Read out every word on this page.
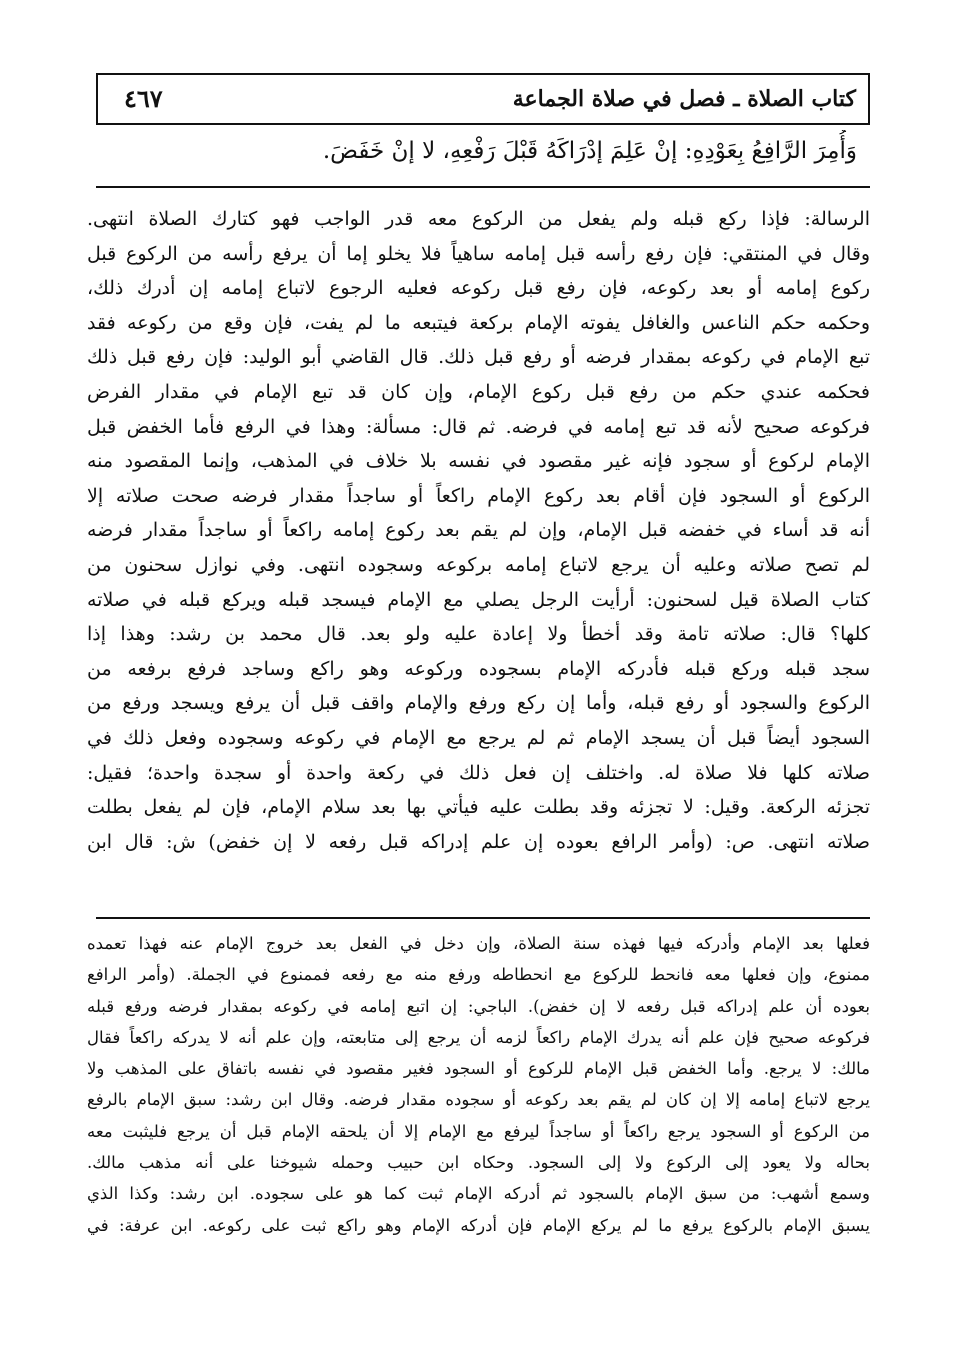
كتاب الصلاة ـ فصل في صلاة الجماعة
٤٦٧
وَأُمِرَ الرَّافِعُ بِعَوْدِهِ: إنْ عَلِمَ إدْرَاكَهُ قَبْلَ رَفْعِهِ، لا إنْ خَفَضَ.
الرسالة: فإذا ركع قبله ولم يفعل من الركوع معه قدر الواجب فهو كتارك الصلاة انتهى.
وقال في المنتقي: فإن رفع رأسه قبل إمامه ساهياً فلا يخلو إما أن يرفع رأسه من الركوع قبل
ركوع إمامه أو بعد ركوعه، فإن رفع قبل ركوعه فعليه الرجوع لاتباع إمامه إن أدرك ذلك،
وحكمه حكم الناعس والغافل يفوته الإمام بركعة فيتبعه ما لم يفت، فإن وقع من ركوعه فقد
تبع الإمام في ركوعه بمقدار فرضه أو رفع قبل ذلك. قال القاضي أبو الوليد: فإن رفع قبل ذلك
فحكمه عندي حكم من رفع قبل ركوع الإمام، وإن كان قد تبع الإمام في مقدار الفرض
فركوعه صحيح لأنه قد تبع إمامه في فرضه. ثم قال: مسألة: وهذا في الرفع فأما الخفض قبل
الإمام لركوع أو سجود فإنه غير مقصود في نفسه بلا خلاف في المذهب، وإنما المقصود منه
الركوع أو السجود فإن أقام بعد ركوع الإمام راكعاً أو ساجداً مقدار فرضه صحت صلاته إلا
أنه قد أساء في خفضه قبل الإمام، وإن لم يقم بعد ركوع إمامه راكعاً أو ساجداً مقدار فرضه
لم تصح صلاته وعليه أن يرجع لاتباع إمامه بركوعه وسجوده انتهى. وفي نوازل سحنون من
كتاب الصلاة قيل لسحنون: أرأيت الرجل يصلي مع الإمام فيسجد قبله ويركع قبله في صلاته
كلها؟ قال: صلاته تامة وقد أخطأ ولا إعادة عليه ولو بعد. قال محمد بن رشد: وهذا إذا
سجد قبله وركع قبله فأدركه الإمام بسجوده وركوعه وهو راكع وساجد فرفع برفعه من
الركوع والسجود أو رفع قبله، وأما إن ركع ورفع والإمام واقف قبل أن يرفع ويسجد ورفع من
السجود أيضاً قبل أن يسجد الإمام ثم لم يرجع مع الإمام في ركوعه وسجوده وفعل ذلك في
صلاته كلها فلا صلاة له. واختلف إن فعل ذلك في ركعة واحدة أو سجدة واحدة؛ فقيل:
تجزئه الركعة. وقيل: لا تجزئه وقد بطلت عليه فيأتي بها بعد سلام الإمام، فإن لم يفعل بطلت
صلاته انتهى. ص: (وأمر الرافع بعوده إن علم إدراكه قبل رفعه لا إن خفض) ش: قال ابن
فعلها بعد الإمام وأدركه فيها فهذه سنة الصلاة، وإن دخل في الفعل بعد خروج الإمام عنه فهذا تعمده
ممنوع، وإن فعلها معه فانحط للركوع مع انحطاطه ورفع منه مع رفعه فممنوع في الجملة. (وأمر الرافع
بعوده أن علم إدراكه قبل رفعه لا إن خفض). الباجي: إن اتبع إمامه في ركوعه بمقدار فرضه ورفع قبله
فركوعه صحيح فإن علم أنه يدرك الإمام راكعاً لزمه أن يرجع إلى متابعته، وإن علم أنه لا يدركه راكعاً فقال
مالك: لا يرجع. وأما الخفض قبل الإمام للركوع أو السجود فغير مقصود في نفسه باتفاق على المذهب ولا
يرجع لاتباع إمامه إلا إن كان لم يقم بعد ركوعه أو سجوده مقدار فرضه. وقال ابن رشد: سبق الإمام بالرفع
من الركوع أو السجود يرجع راكعاً أو ساجداً ليرفع مع الإمام إلا أن يلحقه الإمام قبل أن يرجع فليثبت معه
بحاله ولا يعود إلى الركوع ولا إلى السجود. وحكاه ابن حبيب وحمله شيوخنا على أنه مذهب مالك.
وسمع أشهب: من سبق الإمام بالسجود ثم أدركه الإمام ثبت كما هو على سجوده. ابن رشد: وكذا الذي
يسبق الإمام بالركوع يرفع ما لم يركع الإمام فإن أدركه الإمام وهو راكع ثبت على ركوعه. ابن عرفة: في
